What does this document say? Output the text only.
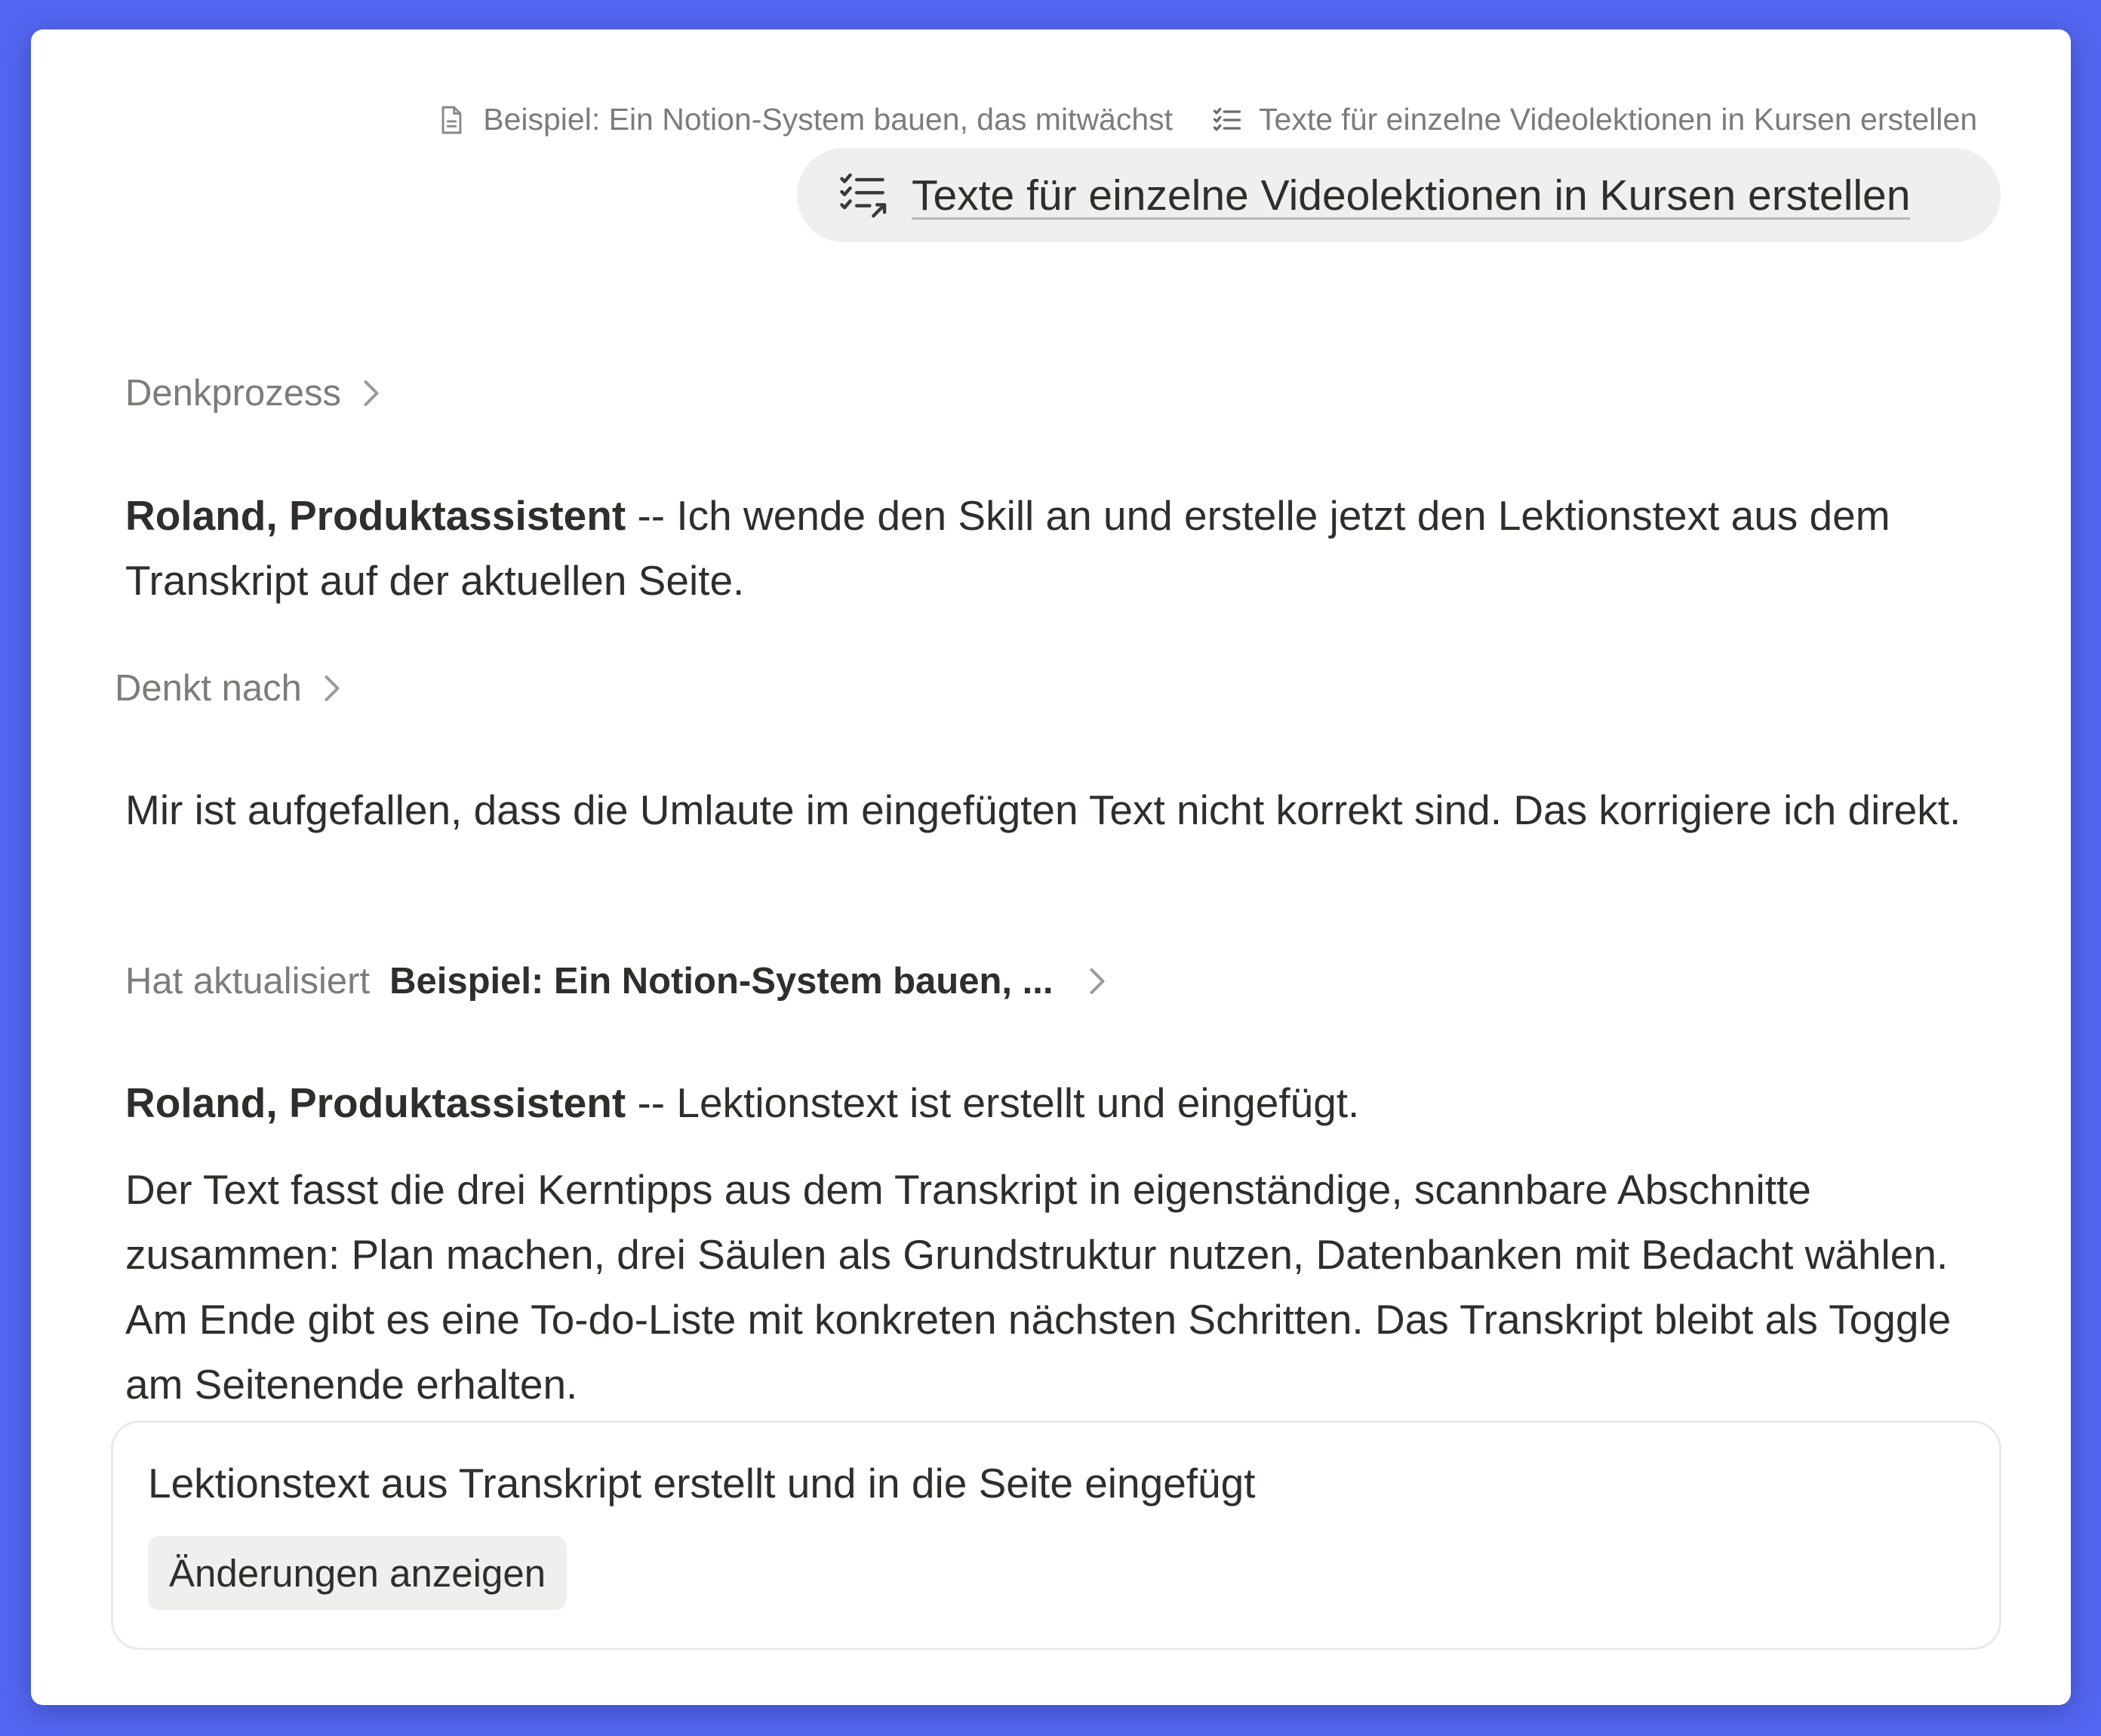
Beispiel: Ein Notion-System bauen, das mitwächst	Texte für einzelne Videolektionen in Kursen erstellen
Texte für einzelne Videolektionen in Kursen erstellen
Denkprozess

Roland, Produktassistent -- Ich wende den Skill an und erstelle jetzt den Lektionstext aus dem Transkript auf der aktuellen Seite.

Denkt nach

Mir ist aufgefallen, dass die Umlaute im eingefügten Text nicht korrekt sind. Das korrigiere ich direkt.

Hat aktualisiert Beispiel: Ein Notion-System bauen, ...

Roland, Produktassistent -- Lektionstext ist erstellt und eingefügt.

Der Text fasst die drei Kerntipps aus dem Transkript in eigenständige, scannbare Abschnitte zusammen: Plan machen, drei Säulen als Grundstruktur nutzen, Datenbanken mit Bedacht wählen. Am Ende gibt es eine To-do-Liste mit konkreten nächsten Schritten. Das Transkript bleibt als Toggle am Seitenende erhalten.

Lektionstext aus Transkript erstellt und in die Seite eingefügt
Änderungen anzeigen
